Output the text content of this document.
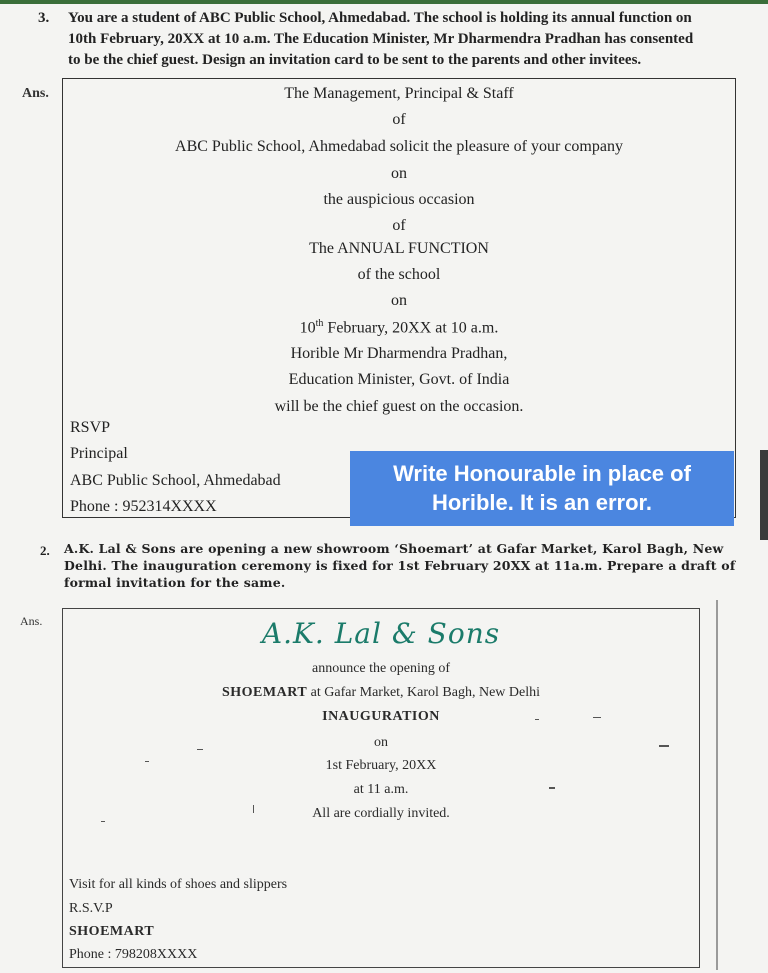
3. You are a student of ABC Public School, Ahmedabad. The school is holding its annual function on
10th February, 20XX at 10 a.m. The Education Minister, Mr Dharmendra Pradhan has consented
to be the chief guest. Design an invitation card to be sent to the parents and other invitees.
Ans.	The Management, Principal & Staff
of
ABC Public School, Ahmedabad solicit the pleasure of your company
on
the auspicious occasion
of
The ANNUAL FUNCTION
of the school
on
10th February, 20XX at 10 a.m.
Horible Mr Dharmendra Pradhan,
Education Minister, Govt. of India
will be the chief guest on the occasion.
RSVP
Principal
ABC Public School, Ahmedabad
Phone : 952314XXXX
Write Honourable in place of
Horible. It is an error.
2. A.K. Lal & Sons are opening a new showroom ‘Shoemart’ at Gafar Market, Karol Bagh, New
Delhi. The inauguration ceremony is fixed for 1st February 20XX at 11a.m. Prepare a draft of
formal invitation for the same.
Ans.	A.K. Lal & Sons
announce the opening of
SHOEMART at Gafar Market, Karol Bagh, New Delhi
INAUGURATION
on
1st February, 20XX
at 11 a.m.
All are cordially invited.
Visit for all kinds of shoes and slippers
R.S.V.P
SHOEMART
Phone : 798208XXXX
